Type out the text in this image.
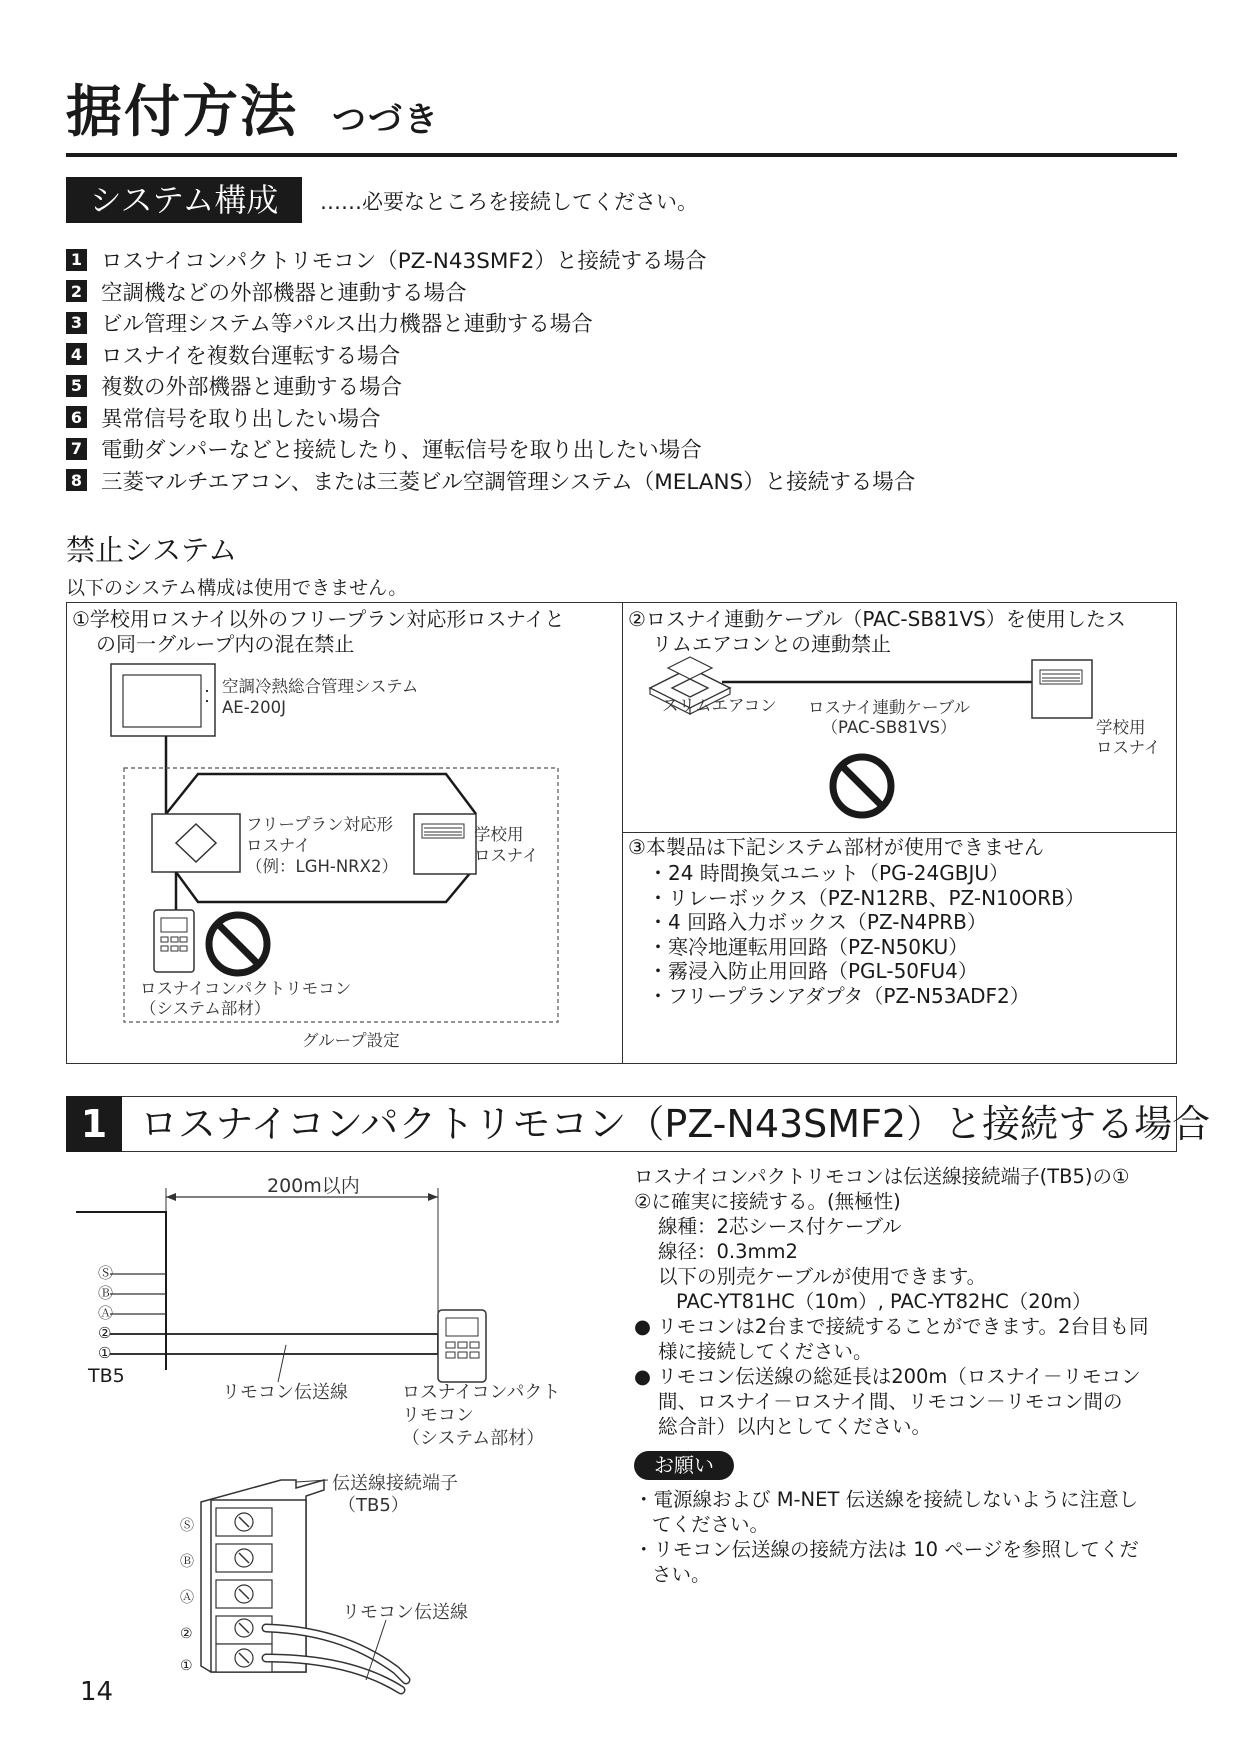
据付方法 つづき
システム構成	……必要なところを接続してください。
1 ロスナイコンパクトリモコン（PZ-N43SMF2）と接続する場合
2 空調機などの外部機器と連動する場合
3 ビル管理システム等パルス出力機器と連動する場合
4 ロスナイを複数台運転する場合
5 複数の外部機器と連動する場合
6 異常信号を取り出したい場合
7 電動ダンパーなどと接続したり、運転信号を取り出したい場合
8 三菱マルチエアコン、または三菱ビル空調管理システム（MELANS）と接続する場合
禁止システム
以下のシステム構成は使用できません。
①学校用ロスナイ以外のフリープラン対応形ロスナイと
の同一グループ内の混在禁止
空調冷熱総合管理システム
AE-200J
フリープラン対応形
ロスナイ
（例：LGH-NRX2）
学校用
ロスナイ
ロスナイコンパクトリモコン
（システム部材）
グループ設定
②ロスナイ連動ケーブル（PAC-SB81VS）を使用したス
リムエアコンとの連動禁止
スリムエアコン ロスナイ連動ケーブル
（PAC-SB81VS）	学校用
ロスナイ
③本製品は下記システム部材が使用できません
・24 時間換気ユニット（PG-24GBJU）
・リレーボックス（PZ-N12RB、PZ-N10ORB）
・4 回路入力ボックス（PZ-N4PRB）
・寒冷地運転用回路（PZ-N50KU）
・霧浸入防止用回路（PGL-50FU4）
・フリープランアダプタ（PZ-N53ADF2）
1 ロスナイコンパクトリモコン（PZ-N43SMF2）と接続する場合
200m以内
Ⓢ
Ⓑ
Ⓐ
②
①
TB5
リモコン伝送線	ロスナイコンパクト
リモコン
（システム部材）
伝送線接続端子
（TB5）
Ⓢ
Ⓑ
Ⓐ
②
①
リモコン伝送線
ロスナイコンパクトリモコンは伝送線接続端子(TB5)の①
②に確実に接続する。(無極性)
線種：2芯シース付ケーブル
線径：0.3mm2
以下の別売ケーブルが使用できます。
PAC-YT81HC（10m）, PAC-YT82HC（20m）
● リモコンは2台まで接続することができます。2台目も同
様に接続してください。
● リモコン伝送線の総延長は200m（ロスナイ－リモコン
間、ロスナイ－ロスナイ間、リモコン－リモコン間の
総合計）以内としてください。
お願い
・電源線および M-NET 伝送線を接続しないように注意し
てください。
・リモコン伝送線の接続方法は 10 ページを参照してくだ
さい。
14
